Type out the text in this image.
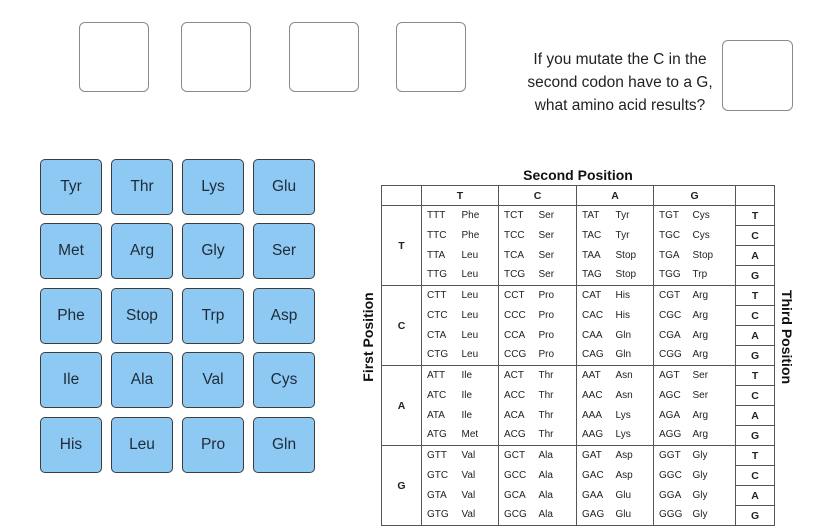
If you mutate the C in the
second codon have to a G,
what amino acid results?
Tyr	Thr	Lys	Glu
Met	Arg	Gly	Ser
Phe	Stop	Trp	Asp
Ile	Ala	Val	Cys
His	Leu	Pro	Gln
Second Position
First Position	Third Position
	T		C		A		G		
T	TTT	Phe	TCT	Ser	TAT	Tyr	TGT	Cys	T
	TTC	Phe	TCC	Ser	TAC	Tyr	TGC	Cys	C
	TTA	Leu	TCA	Ser	TAA	Stop	TGA	Stop	A
	TTG	Leu	TCG	Ser	TAG	Stop	TGG	Trp	G
C	CTT	Leu	CCT	Pro	CAT	His	CGT	Arg	T
	CTC	Leu	CCC	Pro	CAC	His	CGC	Arg	C
	CTA	Leu	CCA	Pro	CAA	Gln	CGA	Arg	A
	CTG	Leu	CCG	Pro	CAG	Gln	CGG	Arg	G
A	ATT	Ile	ACT	Thr	AAT	Asn	AGT	Ser	T
	ATC	Ile	ACC	Thr	AAC	Asn	AGC	Ser	C
	ATA	Ile	ACA	Thr	AAA	Lys	AGA	Arg	A
	ATG	Met	ACG	Thr	AAG	Lys	AGG	Arg	G
G	GTT	Val	GCT	Ala	GAT	Asp	GGT	Gly	T
	GTC	Val	GCC	Ala	GAC	Asp	GGC	Gly	C
	GTA	Val	GCA	Ala	GAA	Glu	GGA	Gly	A
	GTG	Val	GCG	Ala	GAG	Glu	GGG	Gly	G
